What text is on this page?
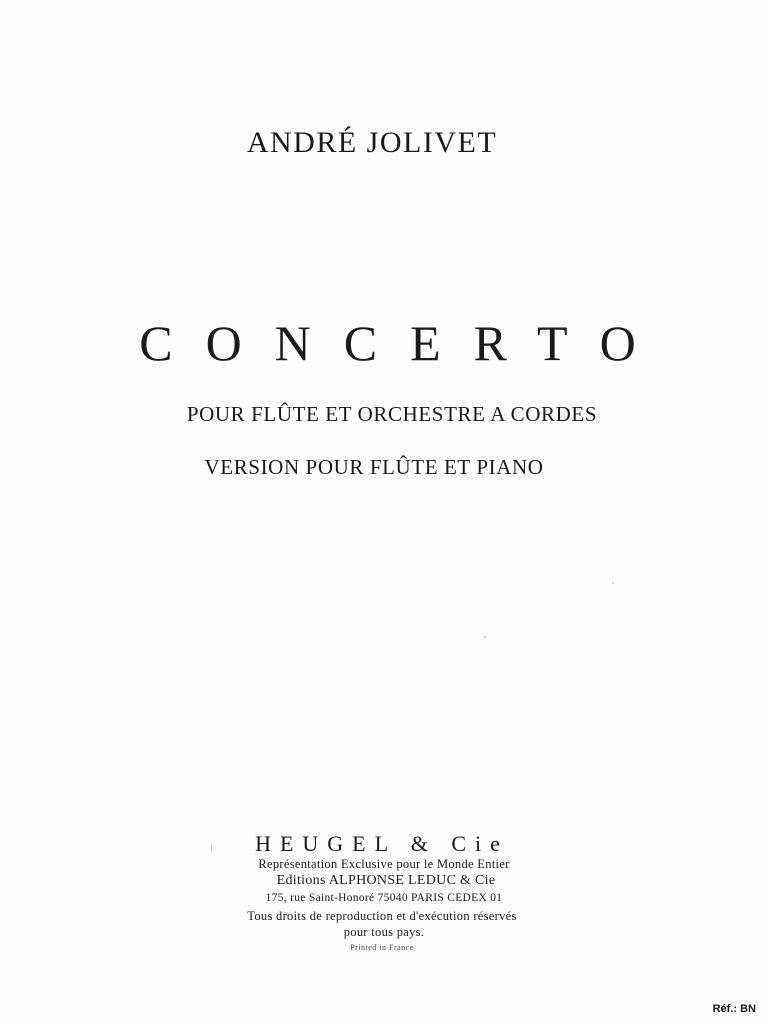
ANDRÉ JOLIVET
CONCERTO
POUR FLÛTE ET ORCHESTRE A CORDES
VERSION POUR FLÛTE ET PIANO
HEUGEL & Cie
Représentation Exclusive pour le Monde Entier
Editions ALPHONSE LEDUC & Cie
175, rue Saint-Honoré 75040 PARIS CEDEX 01
Tous droits de reproduction et d'exécution réservés
pour tous pays.
Printed in France
Réf.: BN
